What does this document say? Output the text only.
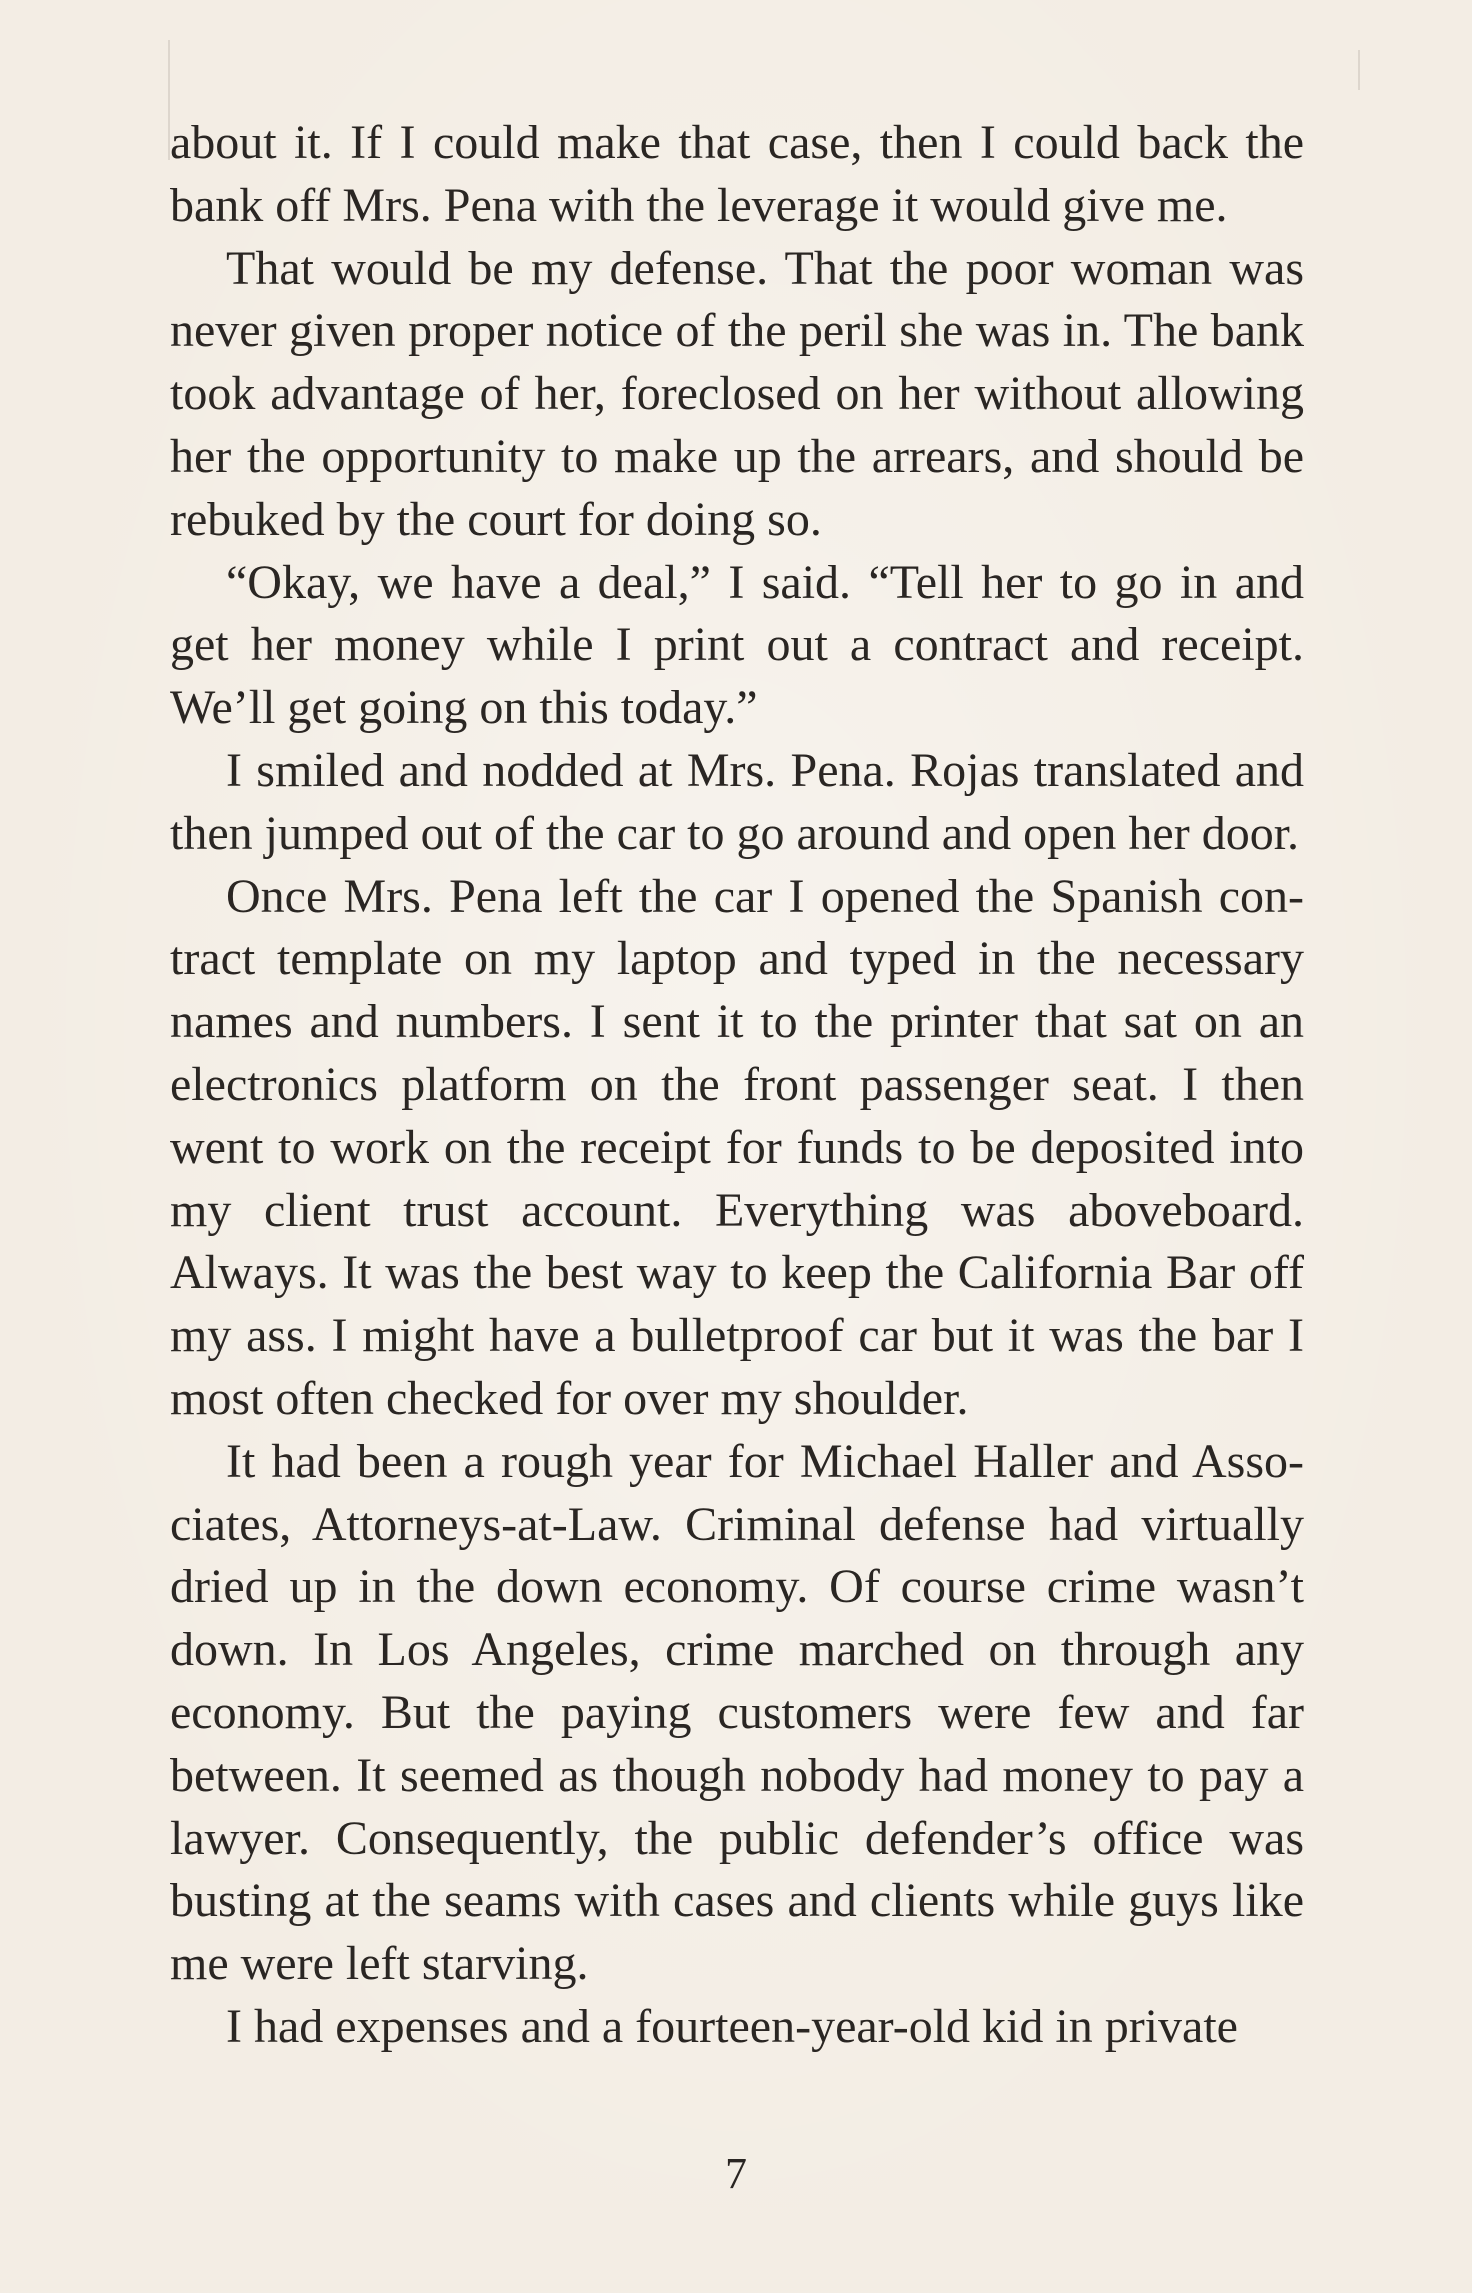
about it. If I could make that case, then I could back the bank off Mrs. Pena with the leverage it would give me.

That would be my defense. That the poor woman was never given proper notice of the peril she was in. The bank took advantage of her, foreclosed on her without allowing her the opportunity to make up the arrears, and should be rebuked by the court for doing so.

“Okay, we have a deal,” I said. “Tell her to go in and get her money while I print out a contract and receipt. We’ll get going on this today.”

I smiled and nodded at Mrs. Pena. Rojas translated and then jumped out of the car to go around and open her door.

Once Mrs. Pena left the car I opened the Spanish contract template on my laptop and typed in the necessary names and numbers. I sent it to the printer that sat on an electronics platform on the front passenger seat. I then went to work on the receipt for funds to be deposited into my client trust account. Everything was aboveboard. Always. It was the best way to keep the California Bar off my ass. I might have a bulletproof car but it was the bar I most often checked for over my shoulder.

It had been a rough year for Michael Haller and Associates, Attorneys-at-Law. Criminal defense had virtually dried up in the down economy. Of course crime wasn’t down. In Los Angeles, crime marched on through any economy. But the paying customers were few and far between. It seemed as though nobody had money to pay a lawyer. Consequently, the public defender’s office was busting at the seams with cases and clients while guys like me were left starving.

I had expenses and a fourteen-year-old kid in private

7
